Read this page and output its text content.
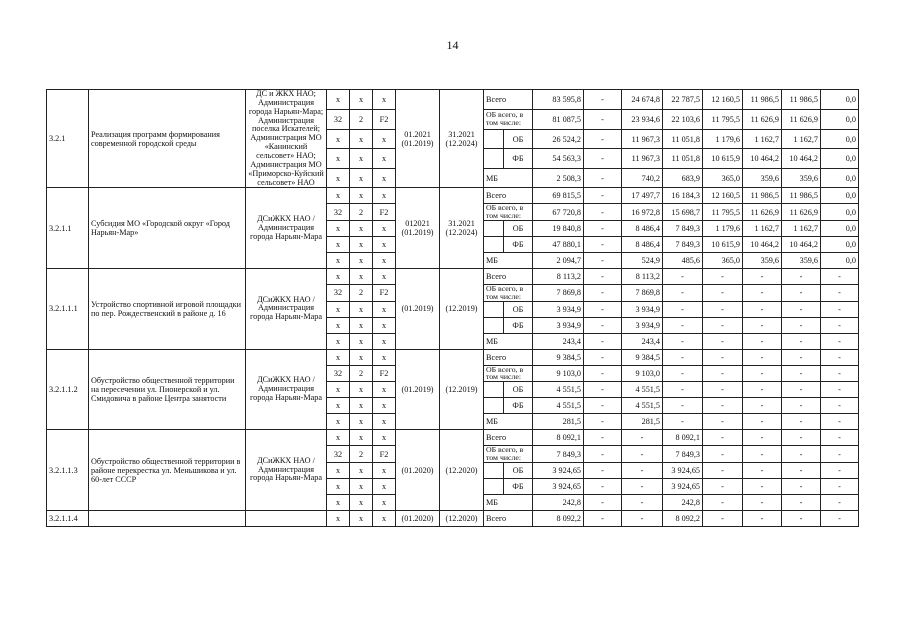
14
3.2.1	Реализация программ формирования современной городской среды	ДС и ЖКХ НАО; Администрация города Нарьян-Мара; Администрация поселка Искателей; Администрация МО «Канинский сельсовет» НАО; Администрация МО «Приморско-Куйский сельсовет» НАО	x	x	x	01.2021 (01.2019)	31.2021 (12.2024)	Всего		83 595,8	-	24 674,8	22 787,5	12 160,5	11 986,5	11 986,5	0,0
			32	2	F2			ОБ всего, в том числе:		81 087,5	-	23 934,6	22 103,6	11 795,5	11 626,9	11 626,9	0,0
			x	x	x				ОБ	26 524,2	-	11 967,3	11 051,8	1 179,6	1 162,7	1 162,7	0,0
			x	x	x				ФБ	54 563,3	-	11 967,3	11 051,8	10 615,9	10 464,2	10 464,2	0,0
			x	x	x			МБ		2 508,3	-	740,2	683,9	365,0	359,6	359,6	0,0
3.2.1.1	Субсидия МО «Городской округ «Город Нарьян-Мар»	ДСиЖКХ НАО / Администрация города Нарьян-Мара	x	x	x	012021 (01.2019)	31.2021 (12.2024)	Всего		69 815,5	-	17 497,7	16 184,3	12 160,5	11 986,5	11 986,5	0,0
			32	2	F2			ОБ всего, в том числе:		67 720,8	-	16 972,8	15 698,7	11 795,5	11 626,9	11 626,9	0,0
			x	x	x				ОБ	19 840,8	-	8 486,4	7 849,3	1 179,6	1 162,7	1 162,7	0,0
			x	x	x				ФБ	47 880,1	-	8 486,4	7 849,3	10 615,9	10 464,2	10 464,2	0,0
			x	x	x			МБ		2 094,7	-	524,9	485,6	365,0	359,6	359,6	0,0
3.2.1.1.1	Устройство спортивной игровой площадки по пер. Рождественский в районе д. 16	ДСиЖКХ НАО / Администрация города Нарьян-Мара	x	x	x	(01.2019)	(12.2019)	Всего		8 113,2	-	8 113,2	-	-	-	-	-
			32	2	F2			ОБ всего, в том числе:		7 869,8	-	7 869,8	-	-	-	-	-
			x	x	x				ОБ	3 934,9	-	3 934,9	-	-	-	-	-
			x	x	x				ФБ	3 934,9	-	3 934,9	-	-	-	-	-
			x	x	x			МБ		243,4	-	243,4	-	-	-	-	-
3.2.1.1.2	Обустройство общественной территории на пересечении ул. Пионерской и ул. Смидовича в районе Центра занятости	ДСиЖКХ НАО / Администрация города Нарьян-Мара	x	x	x	(01.2019)	(12.2019)	Всего		9 384,5	-	9 384,5	-	-	-	-	-
			32	2	F2			ОБ всего, в том числе:		9 103,0	-	9 103,0	-	-	-	-	-
			x	x	x				ОБ	4 551,5	-	4 551,5	-	-	-	-	-
			x	x	x				ФБ	4 551,5	-	4 551,5	-	-	-	-	-
			x	x	x			МБ		281,5	-	281,5	-	-	-	-	-
3.2.1.1.3	Обустройство общественной территории в районе перекрестка ул. Меньшикова и ул. 60-лет СССР	ДСиЖКХ НАО / Администрация города Нарьян-Мара	x	x	x	(01.2020)	(12.2020)	Всего		8 092,1	-	-	8 092,1	-	-	-	-
			32	2	F2			ОБ всего, в том числе:		7 849,3	-	-	7 849,3	-	-	-	-
			x	x	x				ОБ	3 924,65	-	-	3 924,65	-	-	-	-
			x	x	x				ФБ	3 924,65	-	-	3 924,65	-	-	-	-
			x	x	x			МБ		242,8	-	-	242,8	-	-	-	-
3.2.1.1.4			x	x	x	(01.2020)	(12.2020)	Всего		8 092,2	-	-	8 092,2	-	-	-	-
